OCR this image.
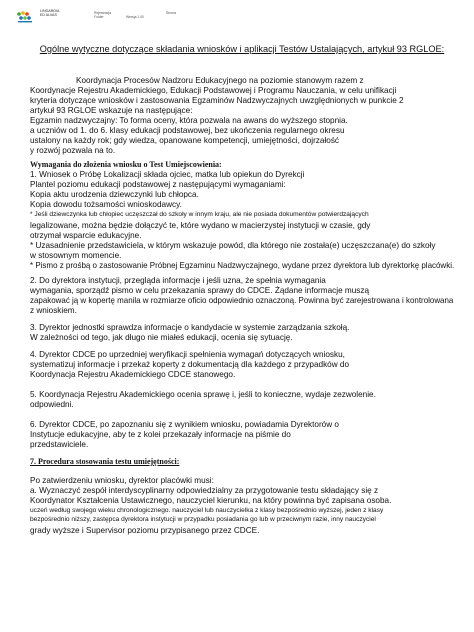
LINGARDIA
ED ALVAS
Rejestracja
Folder	Wersja 1.00
Strona
Ogólne wytyczne dotyczące składania wniosków i aplikacji Testów Ustalających, artykuł 93 RGLOE:
Koordynacja Procesów Nadzoru Edukacyjnego na poziomie stanowym razem z
Koordynacje Rejestru Akademickiego, Edukacji Podstawowej i Programu Nauczania, w celu unifikacji
kryteria dotyczące wniosków i zastosowania Egzaminów Nadzwyczajnych uwzględnionych w punkcie 2
artykuł 93 RGLOE wskazuje na następujące:
Egzamin nadzwyczajny: To forma oceny, która pozwala na awans do wyższego stopnia.
a uczniów od 1. do 6. klasy edukacji podstawowej, bez ukończenia regularnego okresu
ustalony na każdy rok; gdy wiedza, opanowane kompetencji, umiejętności, dojrzałość
y rozwój pozwala na to.
Wymagania do złożenia wniosku o Test Umiejscowienia:
1. Wniosek o Próbę Lokalizacji składa ojciec, matka lub opiekun do Dyrekcji
Plantel poziomu edukacji podstawowej z następującymi wymaganiami:
Kopia aktu urodzenia dziewczynki lub chłopca.
Kopia dowodu tożsamości wnioskodawcy.
* Jeśli dziewczynka lub chłopiec uczęszczał do szkoły w innym kraju, ale nie posiada dokumentów potwierdzających
legalizowane, można będzie dołączyć te, które wydano w macierzystej instytucji w czasie, gdy
otrzymał wsparcie edukacyjne.
* Uzasadnienie przedstawiciela, w którym wskazuje powód, dla którego nie została(e) uczęszczana(e) do szkoły
w stosownym momencie.
* Pismo z prośbą o zastosowanie Próbnej Egzaminu Nadzwyczajnego, wydane przez dyrektora lub dyrektorkę placówki.
2. Do dyrektora instytucji, przegląda informacje i jeśli uzna, że spełnia wymagania
wymagania, sporządź pismo w celu przekazania sprawy do CDCE. Żądane informacje muszą
zapakować ją w kopertę manila w rozmiarze oficio odpowiednio oznaczoną. Powinna być zarejestrowana i kontrolowana
z wnioskiem.
3. Dyrektor jednostki sprawdza informacje o kandydacie w systemie zarządzania szkołą.
W zależności od tego, jak długo nie miałeś edukacji, ocenia się sytuację.
4. Dyrektor CDCE po uprzedniej weryfikacji spełnienia wymagań dotyczących wniosku,
systematizuj informacje i przekaż koperty z dokumentacją dla każdego z przypadków do
Koordynacja Rejestru Akademickiego CDCE stanowego.
5. Koordynacja Rejestru Akademickiego ocenia sprawę i, jeśli to konieczne, wydaje zezwolenie.
odpowiedni.
6. Dyrektor CDCE, po zapoznaniu się z wynikiem wniosku, powiadamia Dyrektorów o
Instytucje edukacyjne, aby te z kolei przekazały informacje na piśmie do
przedstawiciele.
7. Procedura stosowania testu umiejętności:
Po zatwierdzeniu wniosku, dyrektor placówki musi:
a. Wyznaczyć zespół interdyscyplinarny odpowiedzialny za przygotowanie testu składający się z
Koordynator Kształcenia Ustawicznego, nauczyciel kierunku, na który powinna być zapisana osoba.
uczeń według swojego wieku chronologicznego. nauczyciel lub nauczycielka z klasy bezpośrednio wyższej, jeden z klasy
bezpośrednio niższy, zastępca dyrektora instytucji w przypadku posiadania go lub w przeciwnym razie, inny nauczyciel
grady wyższe i Supervisor poziomu przypisanego przez CDCE.
